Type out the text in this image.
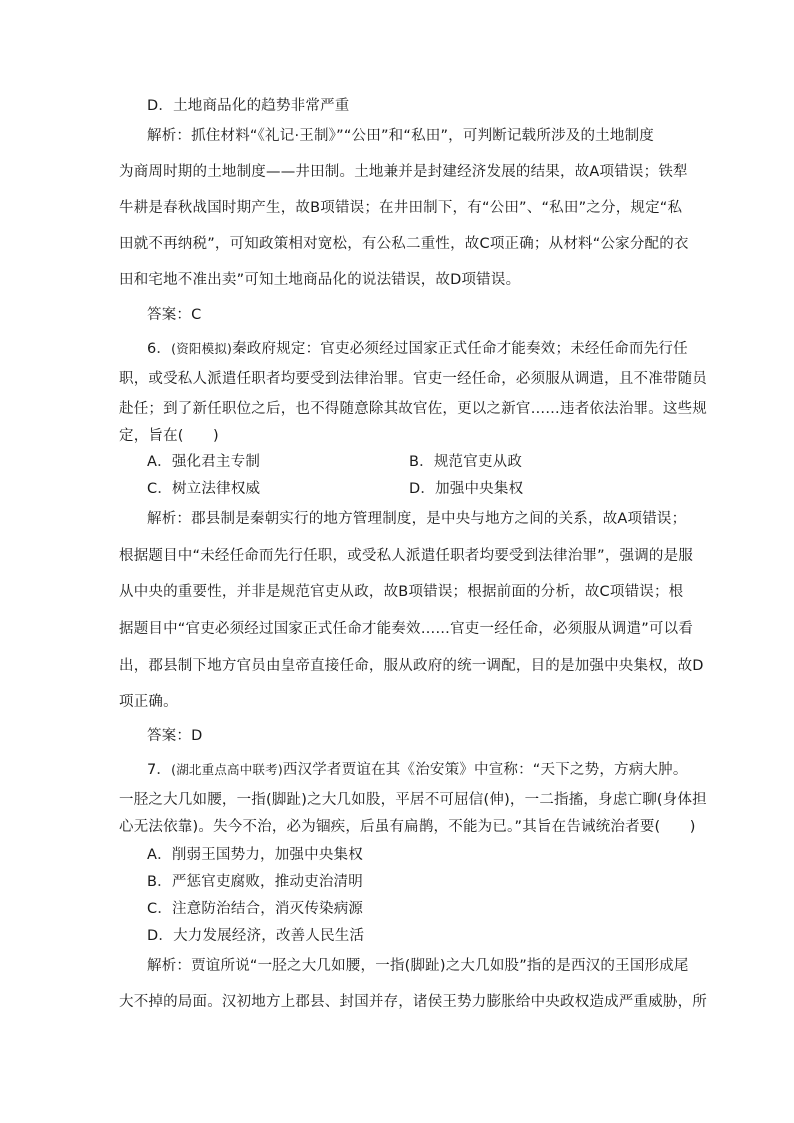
D．土地商品化的趋势非常严重
解析：抓住材料“《礼记·王制》”“公田”和“私田”，可判断记载所涉及的土地制度
为商周时期的土地制度——井田制。土地兼并是封建经济发展的结果，故A项错误；铁犁
牛耕是春秋战国时期产生，故B项错误；在井田制下，有“公田”、“私田”之分，规定“私
田就不再纳税”，可知政策相对宽松，有公私二重性，故C项正确；从材料“公家分配的衣
田和宅地不准出卖”可知土地商品化的说法错误，故D项错误。
答案：C
6．(资阳模拟)秦政府规定：官吏必须经过国家正式任命才能奏效；未经任命而先行任
职，或受私人派遣任职者均要受到法律治罪。官吏一经任命，必须服从调遣，且不准带随员
赴任；到了新任职位之后，也不得随意除其故官佐，更以之新官……违者依法治罪。这些规
定，旨在(　　)
A．强化君主专制	B．规范官吏从政
C．树立法律权威	D．加强中央集权
解析：郡县制是秦朝实行的地方管理制度，是中央与地方之间的关系，故A项错误；
根据题目中“未经任命而先行任职，或受私人派遣任职者均要受到法律治罪”，强调的是服
从中央的重要性，并非是规范官吏从政，故B项错误；根据前面的分析，故C项错误；根
据题目中“官吏必须经过国家正式任命才能奏效……官吏一经任命，必须服从调遣”可以看
出，郡县制下地方官员由皇帝直接任命，服从政府的统一调配，目的是加强中央集权，故D
项正确。
答案：D
7．(湖北重点高中联考)西汉学者贾谊在其《治安策》中宣称：“天下之势，方病大肿。
一胫之大几如腰，一指(脚趾)之大几如股，平居不可屈信(伸)，一二指搐，身虑亡聊(身体担
心无法依靠)。失今不治，必为锢疾，后虽有扁鹊，不能为已。”其旨在告诫统治者要(　　)
A．削弱王国势力，加强中央集权
B．严惩官吏腐败，推动吏治清明
C．注意防治结合，消灭传染病源
D．大力发展经济，改善人民生活
解析：贾谊所说“一胫之大几如腰，一指(脚趾)之大几如股”指的是西汉的王国形成尾
大不掉的局面。汉初地方上郡县、封国并存，诸侯王势力膨胀给中央政权造成严重威胁，所
